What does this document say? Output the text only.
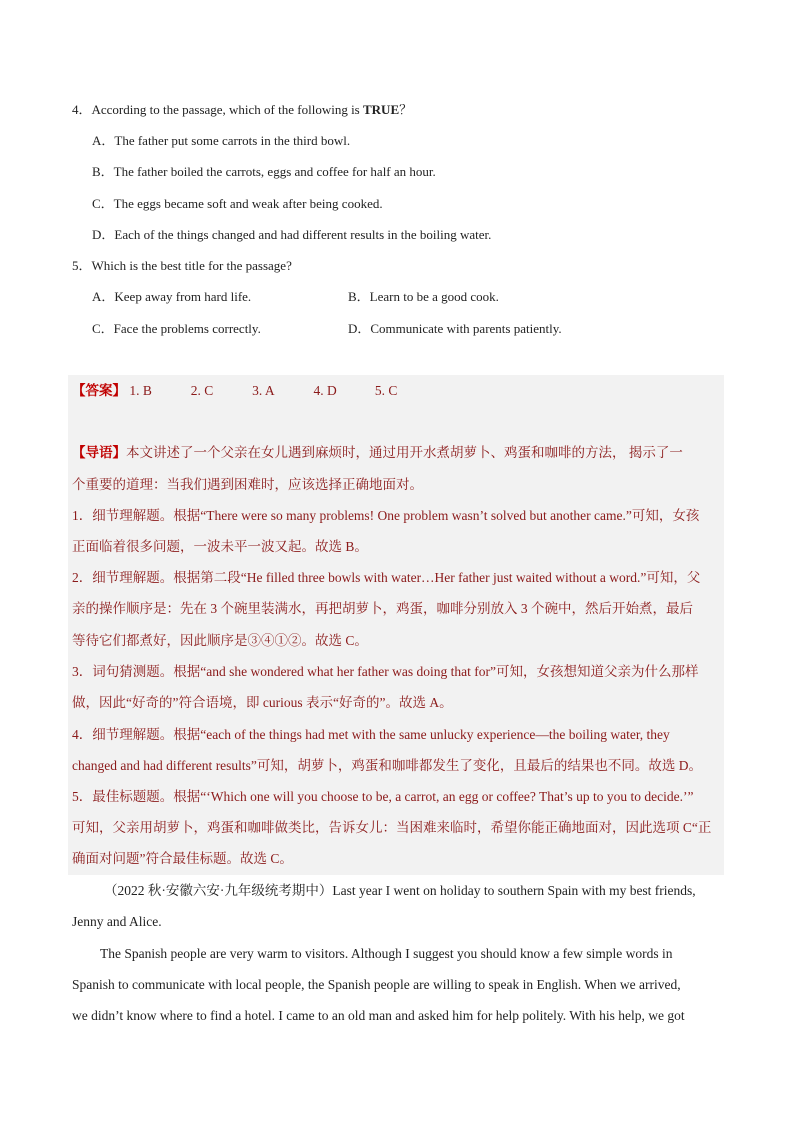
4．According to the passage, which of the following is TRUE？
A．The father put some carrots in the third bowl.
B．The father boiled the carrots, eggs and coffee for half an hour.
C．The eggs became soft and weak after being cooked.
D．Each of the things changed and had different results in the boiling water.
5．Which is the best title for the passage?
A．Keep away from hard life.	B．Learn to be a good cook.
C．Face the problems correctly.	D．Communicate with parents patiently.
【答案】 1. B	2. C	3. A	4. D	5. C
【导语】本文讲述了一个父亲在女儿遇到麻烦时，通过用开水煮胡萝卜、鸡蛋和咖啡的方法， 揭示了一
个重要的道理：当我们遇到困难时，应该选择正确地面对。
1．细节理解题。根据“There were so many problems! One problem wasn’t solved but another came.”可知，女孩
正面临着很多问题，一波未平一波又起。故选 B。
2．细节理解题。根据第二段“He filled three bowls with water…Her father just waited without a word.”可知，父
亲的操作顺序是：先在 3 个碗里装满水，再把胡萝卜，鸡蛋，咖啡分别放入 3 个碗中，然后开始煮，最后
等待它们都煮好，因此顺序是③④①②。故选 C。
3．词句猜测题。根据“and she wondered what her father was doing that for”可知，女孩想知道父亲为什么那样
做，因此“好奇的”符合语境，即 curious 表示“好奇的”。故选 A。
4．细节理解题。根据“each of the things had met with the same unlucky experience—the boiling water, they
changed and had different results”可知，胡萝卜，鸡蛋和咖啡都发生了变化，且最后的结果也不同。故选 D。
5．最佳标题题。根据“‘Which one will you choose to be, a carrot, an egg or coffee? That’s up to you to decide.’”
可知，父亲用胡萝卜，鸡蛋和咖啡做类比，告诉女儿：当困难来临时，希望你能正确地面对，因此选项 C“正
确面对问题”符合最佳标题。故选 C。
（2022 秋·安徽六安·九年级统考期中）Last year I went on holiday to southern Spain with my best friends,
Jenny and Alice.
The Spanish people are very warm to visitors. Although I suggest you should know a few simple words in
Spanish to communicate with local people, the Spanish people are willing to speak in English. When we arrived,
we didn’t know where to find a hotel. I came to an old man and asked him for help politely. With his help, we got
